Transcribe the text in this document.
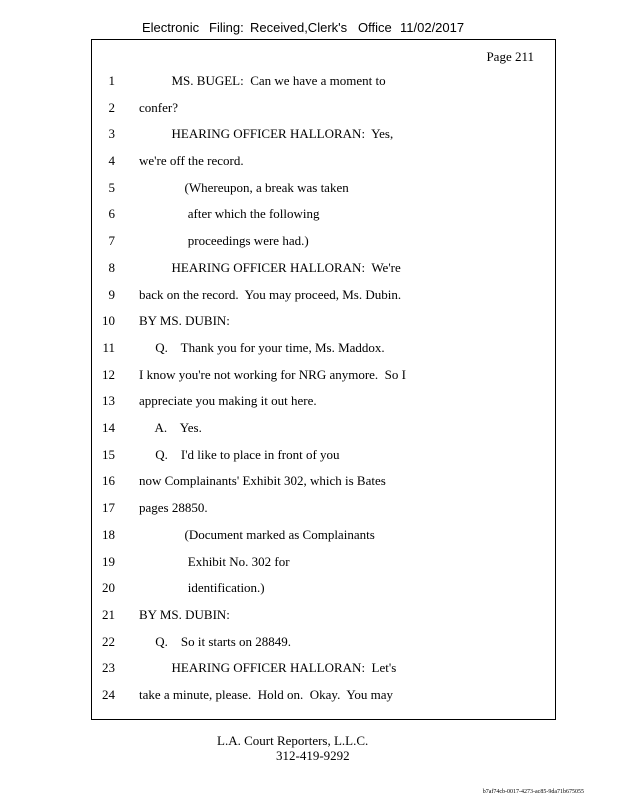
Electronic Filing: Received,Clerk's Office 11/02/2017
Page 211
1 MS. BUGEL:  Can we have a moment to
2 confer?
3 HEARING OFFICER HALLORAN:  Yes,
4 we're off the record.
5 (Whereupon, a break was taken
6 after which the following
7 proceedings were had.)
8 HEARING OFFICER HALLORAN:  We're
9 back on the record.  You may proceed, Ms. Dubin.
10 BY MS. DUBIN:
11 Q.    Thank you for your time, Ms. Maddox.
12 I know you're not working for NRG anymore.  So I
13 appreciate you making it out here.
14 A.    Yes.
15 Q.    I'd like to place in front of you
16 now Complainants' Exhibit 302, which is Bates
17 pages 28850.
18 (Document marked as Complainants
19 Exhibit No. 302 for
20 identification.)
21 BY MS. DUBIN:
22 Q.    So it starts on 28849.
23 HEARING OFFICER HALLORAN:  Let's
24 take a minute, please.  Hold on.  Okay.  You may
L.A. Court Reporters, L.L.C.
312-419-9292
b7af74cb-0017-4273-ac85-9da71b675055
